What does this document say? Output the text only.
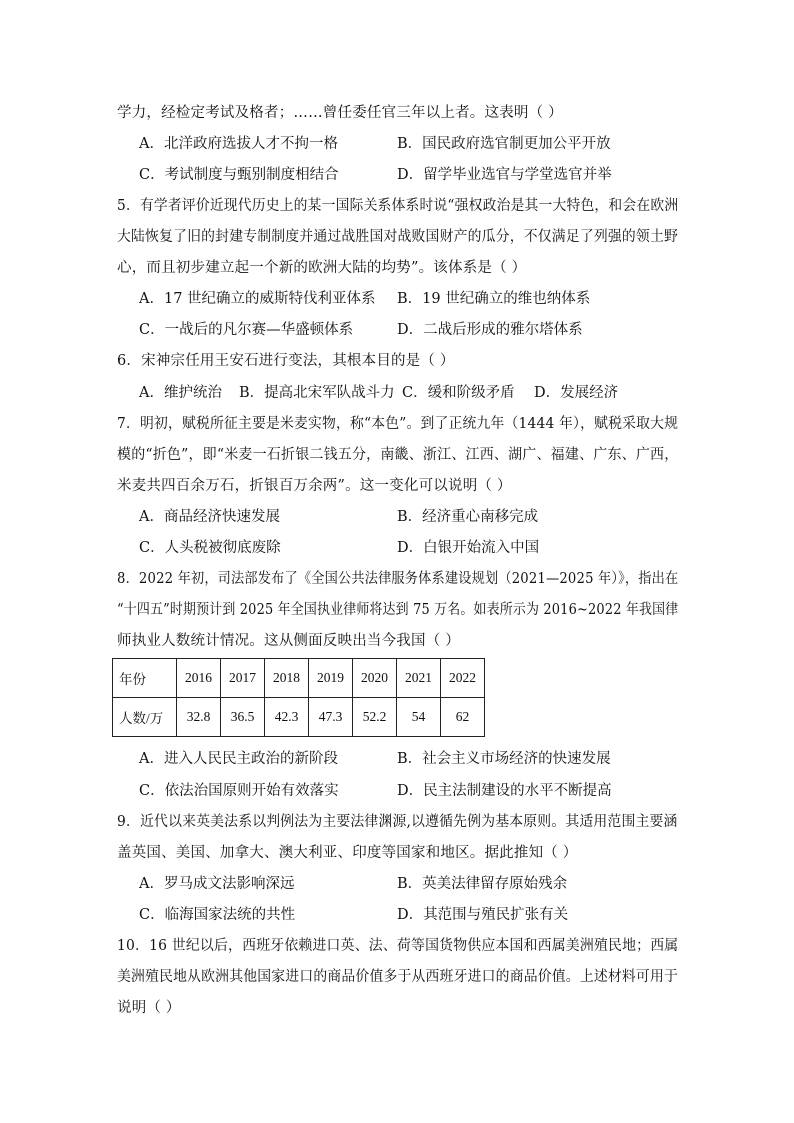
学力，经检定考试及格者；……曾任委任官三年以上者。这表明（ ）
A．北洋政府选拔人才不拘一格	B．国民政府选官制更加公平开放
C．考试制度与甄别制度相结合	D．留学毕业选官与学堂选官并举
5．有学者评价近现代历史上的某一国际关系体系时说“强权政治是其一大特色，和会在欧洲
大陆恢复了旧的封建专制制度并通过战胜国对战败国财产的瓜分，不仅满足了列强的领土野
心，而且初步建立起一个新的欧洲大陆的均势”。该体系是（ ）
A．17 世纪确立的威斯特伐利亚体系 B．19 世纪确立的维也纳体系
C．一战后的凡尔赛—华盛顿体系	D．二战后形成的雅尔塔体系
6．宋神宗任用王安石进行变法，其根本目的是（ ）
A．维护统治 B．提高北宋军队战斗力 C．缓和阶级矛盾 D．发展经济
7．明初，赋税所征主要是米麦实物，称“本色”。到了正统九年（1444 年），赋税采取大规
模的“折色”，即“米麦一石折银二钱五分，南畿、浙江、江西、湖广、福建、广东、广西，
米麦共四百余万石，折银百万余两”。这一变化可以说明（ ）
A．商品经济快速发展	B．经济重心南移完成
C．人头税被彻底废除	D．白银开始流入中国
8．2022 年初，司法部发布了《全国公共法律服务体系建设规划（2021—2025 年）》，指出在
“十四五”时期预计到 2025 年全国执业律师将达到 75 万名。如表所示为 2016~2022 年我国律
师执业人数统计情况。这从侧面反映出当今我国（ ）
年份	2016	2017	2018	2019	2020	2021	2022
人数/万	32.8	36.5	42.3	47.3	52.2	54	62
A．进入人民民主政治的新阶段	B．社会主义市场经济的快速发展
C．依法治国原则开始有效落实	D．民主法制建设的水平不断提高
9．近代以来英美法系以判例法为主要法律渊源,以遵循先例为基本原则。其适用范围主要涵
盖英国、美国、加拿大、澳大利亚、印度等国家和地区。据此推知（ ）
A．罗马成文法影响深远	B．英美法律留存原始残余
C．临海国家法统的共性	D．其范围与殖民扩张有关
10．16 世纪以后，西班牙依赖进口英、法、荷等国货物供应本国和西属美洲殖民地；西属
美洲殖民地从欧洲其他国家进口的商品价值多于从西班牙进口的商品价值。上述材料可用于
说明（ ）
